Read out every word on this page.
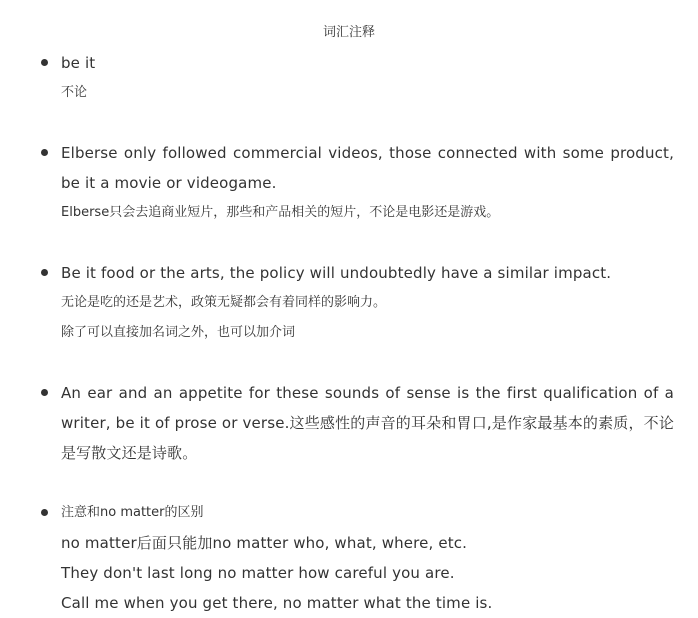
词汇注释
be it
不论
Elberse only followed commercial videos, those connected with some product, be it a movie or videogame.
Elberse只会去追商业短片，那些和产品相关的短片，不论是电影还是游戏。
Be it food or the arts, the policy will undoubtedly have a similar impact.
无论是吃的还是艺术，政策无疑都会有着同样的影响力。
除了可以直接加名词之外，也可以加介词
An ear and an appetite for these sounds of sense is the first qualification of a writer, be it of prose or verse.这些感性的声音的耳朵和胃口,是作家最基本的素质，不论是写散文还是诗歌。
注意和no matter的区别
no matter后面只能加no matter who, what, where, etc.
They don't last long no matter how careful you are.
Call me when you get there, no matter what the time is.
